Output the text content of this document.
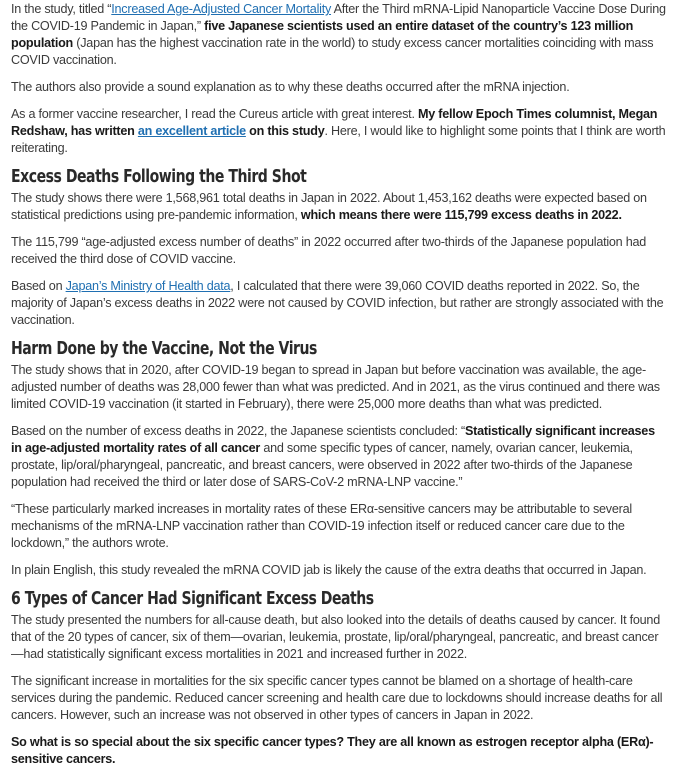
In the study, titled “Increased Age-Adjusted Cancer Mortality After the Third mRNA-Lipid Nanoparticle Vaccine Dose During the COVID-19 Pandemic in Japan,” five Japanese scientists used an entire dataset of the country’s 123 million population (Japan has the highest vaccination rate in the world) to study excess cancer mortalities coinciding with mass COVID vaccination.

The authors also provide a sound explanation as to why these deaths occurred after the mRNA injection.

As a former vaccine researcher, I read the Cureus article with great interest. My fellow Epoch Times columnist, Megan Redshaw, has written an excellent article on this study. Here, I would like to highlight some points that I think are worth reiterating.

Excess Deaths Following the Third Shot

The study shows there were 1,568,961 total deaths in Japan in 2022. About 1,453,162 deaths were expected based on statistical predictions using pre-pandemic information, which means there were 115,799 excess deaths in 2022.

The 115,799 “age-adjusted excess number of deaths” in 2022 occurred after two-thirds of the Japanese population had received the third dose of COVID vaccine.

Based on Japan’s Ministry of Health data, I calculated that there were 39,060 COVID deaths reported in 2022. So, the majority of Japan’s excess deaths in 2022 were not caused by COVID infection, but rather are strongly associated with the vaccination.

Harm Done by the Vaccine, Not the Virus

The study shows that in 2020, after COVID-19 began to spread in Japan but before vaccination was available, the age-adjusted number of deaths was 28,000 fewer than what was predicted. And in 2021, as the virus continued and there was limited COVID-19 vaccination (it started in February), there were 25,000 more deaths than what was predicted.

Based on the number of excess deaths in 2022, the Japanese scientists concluded: “Statistically significant increases in age-adjusted mortality rates of all cancer and some specific types of cancer, namely, ovarian cancer, leukemia, prostate, lip/oral/pharyngeal, pancreatic, and breast cancers, were observed in 2022 after two-thirds of the Japanese population had received the third or later dose of SARS-CoV-2 mRNA-LNP vaccine.”

“These particularly marked increases in mortality rates of these ERα-sensitive cancers may be attributable to several mechanisms of the mRNA-LNP vaccination rather than COVID-19 infection itself or reduced cancer care due to the lockdown,” the authors wrote.

In plain English, this study revealed the mRNA COVID jab is likely the cause of the extra deaths that occurred in Japan.

6 Types of Cancer Had Significant Excess Deaths

The study presented the numbers for all-cause death, but also looked into the details of deaths caused by cancer. It found that of the 20 types of cancer, six of them—ovarian, leukemia, prostate, lip/oral/pharyngeal, pancreatic, and breast cancer—had statistically significant excess mortalities in 2021 and increased further in 2022.

The significant increase in mortalities for the six specific cancer types cannot be blamed on a shortage of health-care services during the pandemic. Reduced cancer screening and health care due to lockdowns should increase deaths for all cancers. However, such an increase was not observed in other types of cancers in Japan in 2022.

So what is so special about the six specific cancer types? They are all known as estrogen receptor alpha (ERα)-sensitive cancers.
